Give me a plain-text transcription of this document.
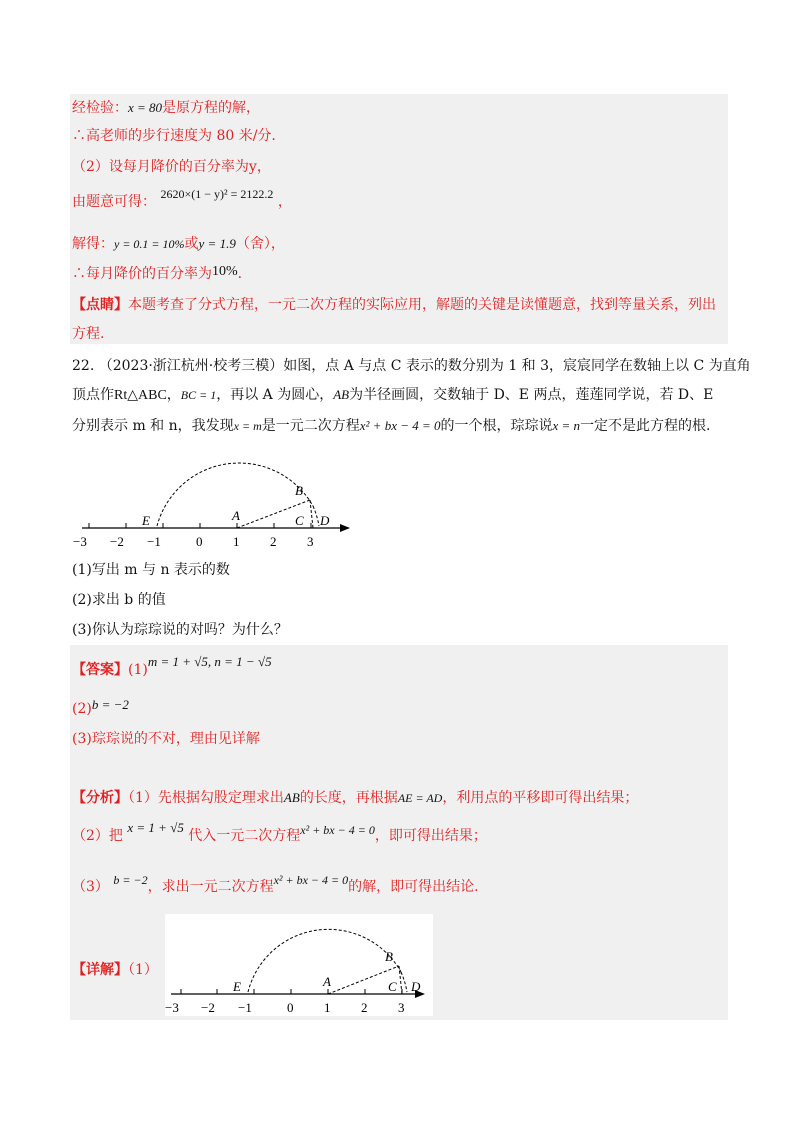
经检验：x = 80是原方程的解，
∴高老师的步行速度为 80 米/分.
（2）设每月降价的百分率为y，
由题意可得： 2620×(1 − y)² = 2122.2 ，
解得：y = 0.1 = 10%或y = 1.9（舍），
∴每月降价的百分率为10%.
【点睛】本题考查了分式方程，一元二次方程的实际应用，解题的关键是读懂题意，找到等量关系，列出
方程.
22. （2023·浙江杭州·校考三模）如图，点 A 与点 C 表示的数分别为 1 和 3，宸宸同学在数轴上以 C 为直角
顶点作Rt△ABC，BC = 1，再以 A 为圆心，AB为半径画圆，交数轴于 D、E 两点，莲莲同学说，若 D、E
分别表示 m 和 n，我发现x = m是一元二次方程x² + bx − 4 = 0的一个根，琮琮说x = n一定不是此方程的根.
−3 −2 −1	0 1 2 3
E	A
B
C D
(1)写出 m 与 n 表示的数
(2)求出 b 的值
(3)你认为琮琮说的对吗？为什么？
【答案】(1)m = 1 + √5, n = 1 − √5
(2)b = −2
(3)琮琮说的不对，理由见详解
【分析】（1）先根据勾股定理求出AB的长度，再根据AE = AD，利用点的平移即可得出结果；
（2）把 x = 1 + √5 代入一元二次方程x² + bx − 4 = 0，即可得出结果；
（3） b = −2，求出一元二次方程x² + bx − 4 = 0的解，即可得出结论.
【详解】（1）
−3 −2 −1	0 1 2 3
E	A
B
C D
